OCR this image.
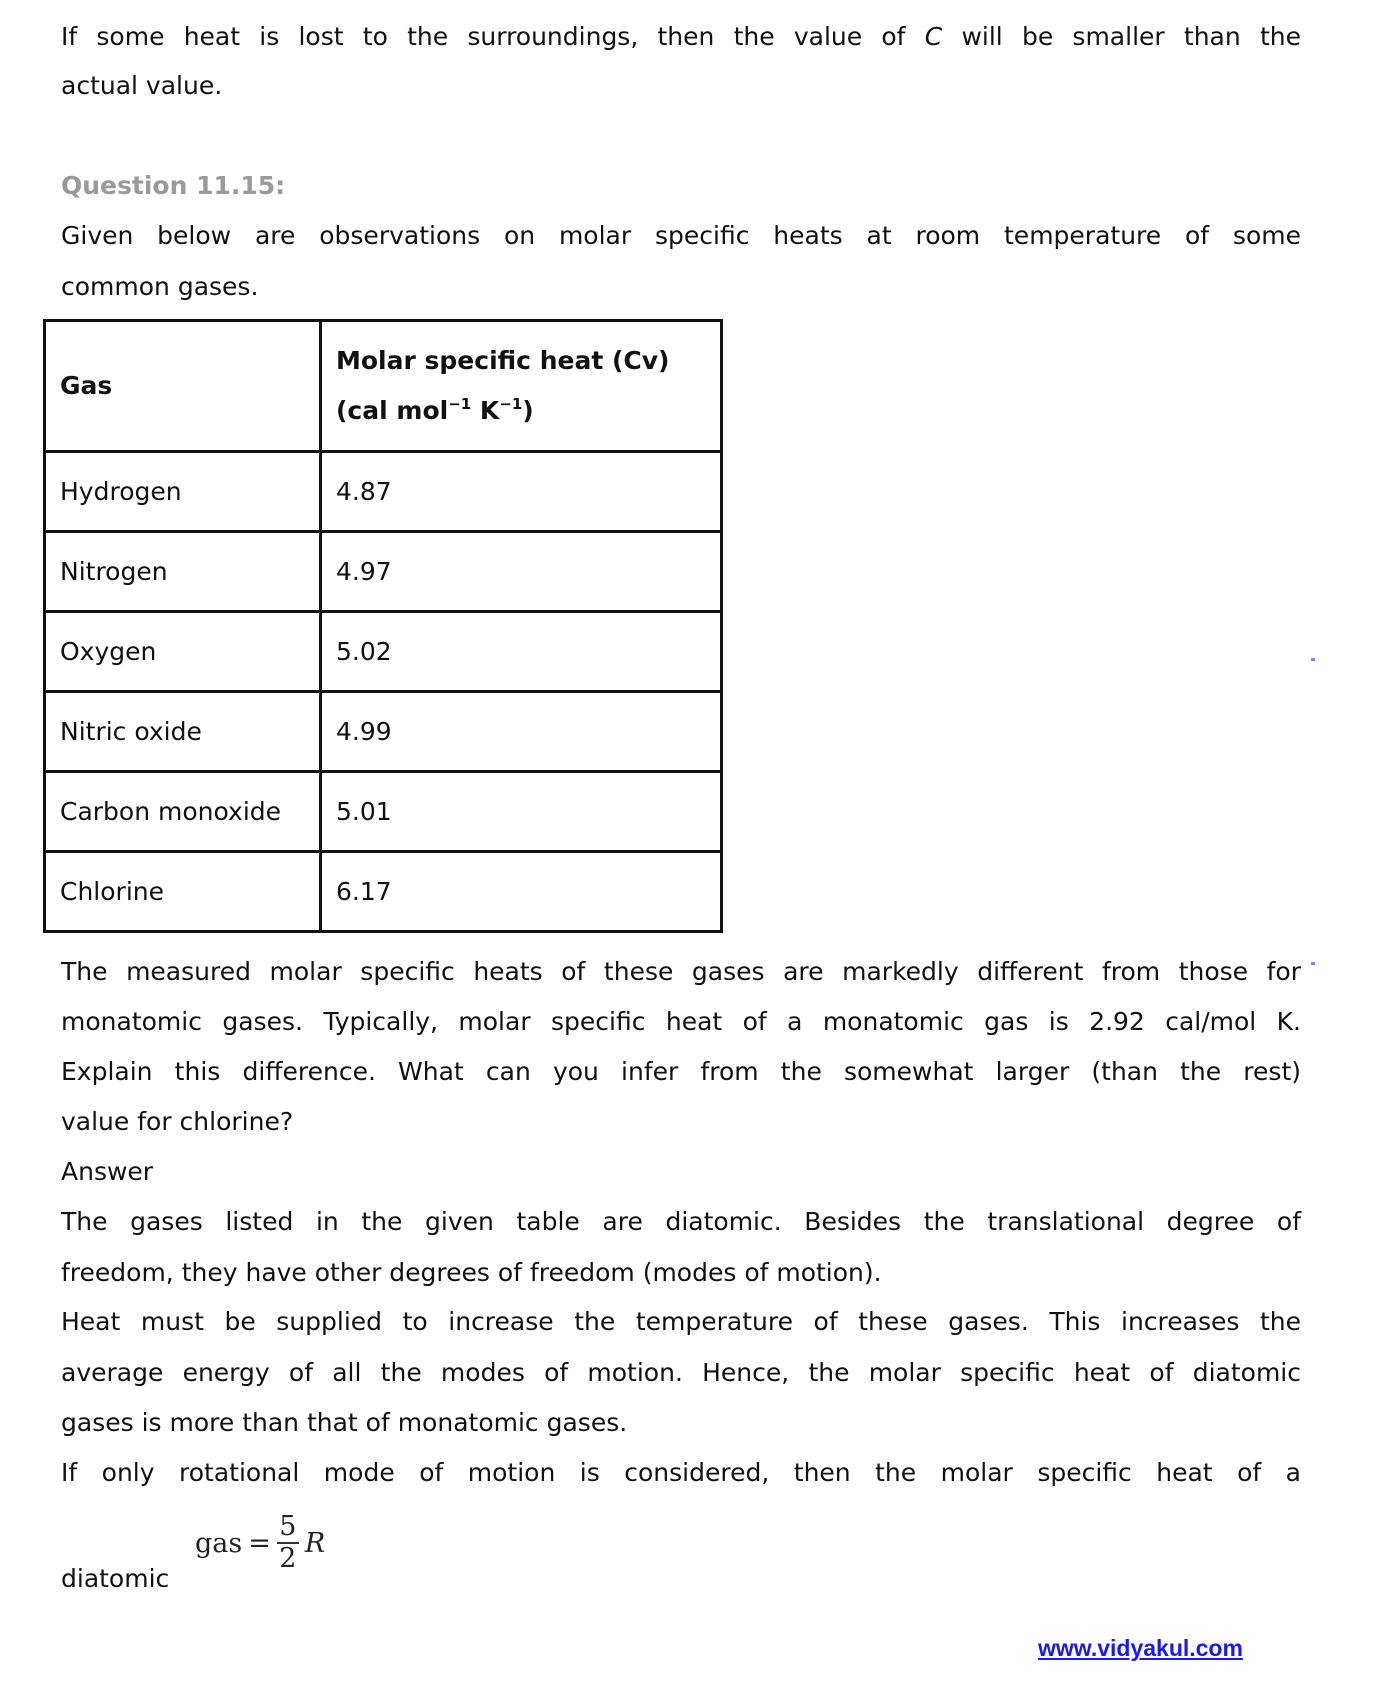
If some heat is lost to the surroundings, then the value of C will be smaller than the
actual value.
Question 11.15:
Given below are observations on molar specific heats at room temperature of some
common gases.
Gas	Molar specific heat (Cv)
(cal mol$^{-1}$ $K^{-1}$)

Hydrogen	4.87
Nitrogen	4.97
Oxygen	5.02
Nitric oxide	4.99
Carbon monoxide	5.01
Chlorine	6.17
The measured molar specific heats of these gases are markedly different from those for
monatomic gases. Typically, molar specific heat of a monatomic gas is 2.92 cal/mol K.
Explain this difference. What can you infer from the somewhat larger (than the rest)
value for chlorine?
Answer
The gases listed in the given table are diatomic. Besides the translational degree of
freedom, they have other degrees of freedom (modes of motion).
Heat must be supplied to increase the temperature of these gases. This increases the
average energy of all the modes of motion. Hence, the molar specific heat of diatomic
gases is more than that of monatomic gases.
If only rotational mode of motion is considered, then the molar specific heat of a
diatomic
gas = $\frac{5}{2}$ R
www.vidyakul.com
